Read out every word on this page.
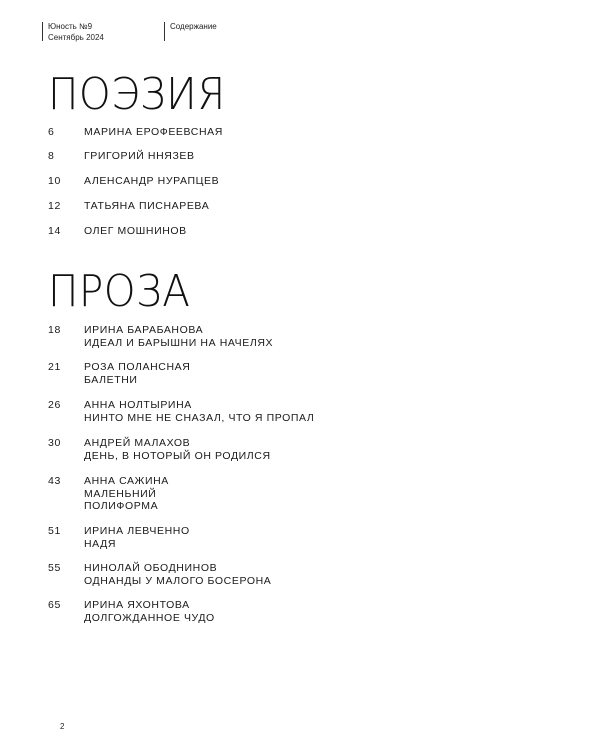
Юность №9
Сентябрь 2024
Содержание
ПОЭЗИЯ
6	МАРИНА ЕРОФЕЕВСНАЯ
8	ГРИГОРИЙ ННЯЗЕВ
10	АЛЕНСАНДР НУРАПЦЕВ
12	ТАТЬЯНА ПИСНАРЕВА
14	ОЛЕГ МОШНИНОВ
ПРОЗА
18	ИРИНА БАРАБАНОВА
ИДЕАЛ И БАРЫШНИ НА НАЧЕЛЯХ
21	РОЗА ПОЛАНСНАЯ
БАЛЕТНИ
26	АННА НОЛТЫРИНА
НИНТО МНЕ НЕ СНАЗАЛ, ЧТО Я ПРОПАЛ
30	АНДРЕЙ МАЛАХОВ
ДЕНЬ, В НОТОРЫЙ ОН РОДИЛСЯ
43	АННА САЖИНА
МАЛЕНЬНИЙ
ПОЛИФОРМА
51	ИРИНА ЛЕВЧЕННО
НАДЯ
55	НИНОЛАЙ ОБОДНИНОВ
ОДНАНДЫ У МАЛОГО БОСЕРОНА
65	ИРИНА ЯХОНТОВА
ДОЛГОЖДАННОЕ ЧУДО
2
